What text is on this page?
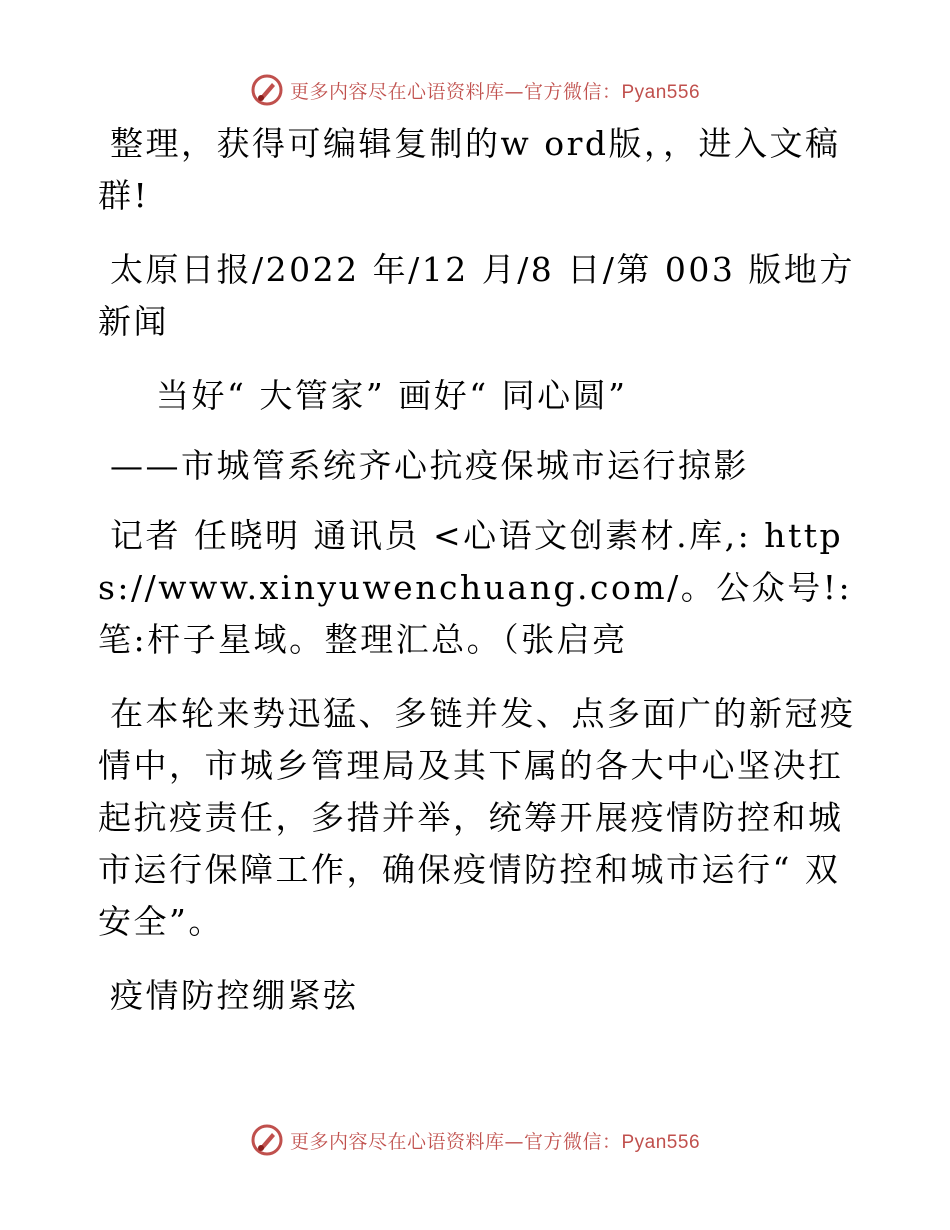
更多内容尽在心语资料库—官方微信：Pyan556

整理，获得可编辑复制的w ord版，，进入文稿群!

太原日报/2022 年/12 月/8 日/第 003 版地方新闻

当好“ 大管家” 画好“ 同心圆”

——市城管系统齐心抗疫保城市运行掠影

记者 任晓明 通讯员 <心语文创素材.库,: https://www.xinyuwenchuang.com/。公众号!: 笔:杆子星域。整理汇总。（张启亮

在本轮来势迅猛、多链并发、点多面广的新冠疫情中，市城乡管理局及其下属的各大中心坚决扛起抗疫责任，多措并举，统筹开展疫情防控和城市运行保障工作，确保疫情防控和城市运行“ 双安全”。

疫情防控绷紧弦

更多内容尽在心语资料库—官方微信：Pyan556
